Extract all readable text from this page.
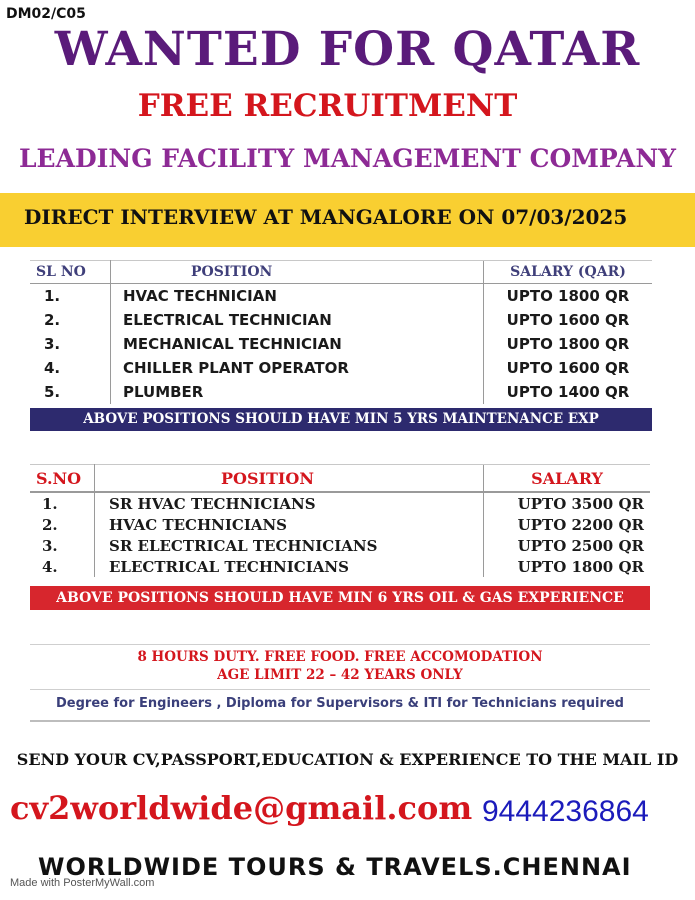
DM02/C05
WANTED FOR QATAR
FREE RECRUITMENT
LEADING FACILITY MANAGEMENT COMPANY
DIRECT INTERVIEW AT MANGALORE ON 07/03/2025
SL NO	POSITION	SALARY (QAR)
1.	HVAC TECHNICIAN	UPTO 1800 QR
2.	ELECTRICAL TECHNICIAN	UPTO 1600 QR
3.	MECHANICAL TECHNICIAN	UPTO 1800 QR
4.	CHILLER PLANT OPERATOR	UPTO 1600 QR
5.	PLUMBER	UPTO 1400 QR
ABOVE POSITIONS SHOULD HAVE MIN 5 YRS MAINTENANCE EXP
S.NO	POSITION	SALARY
1.	SR HVAC TECHNICIANS	UPTO 3500 QR
2.	HVAC TECHNICIANS	UPTO 2200 QR
3.	SR ELECTRICAL TECHNICIANS	UPTO 2500 QR
4.	ELECTRICAL TECHNICIANS	UPTO 1800 QR
ABOVE POSITIONS SHOULD HAVE MIN 6 YRS OIL & GAS EXPERIENCE
8 HOURS DUTY. FREE FOOD. FREE ACCOMODATION
AGE LIMIT 22 – 42 YEARS ONLY
Degree for Engineers , Diploma for Supervisors & ITI for Technicians required
SEND YOUR CV,PASSPORT,EDUCATION & EXPERIENCE TO THE MAIL ID
cv2worldwide@gmail.com 9444236864
WORLDWIDE TOURS & TRAVELS.CHENNAI
Made with PosterMyWall.com
